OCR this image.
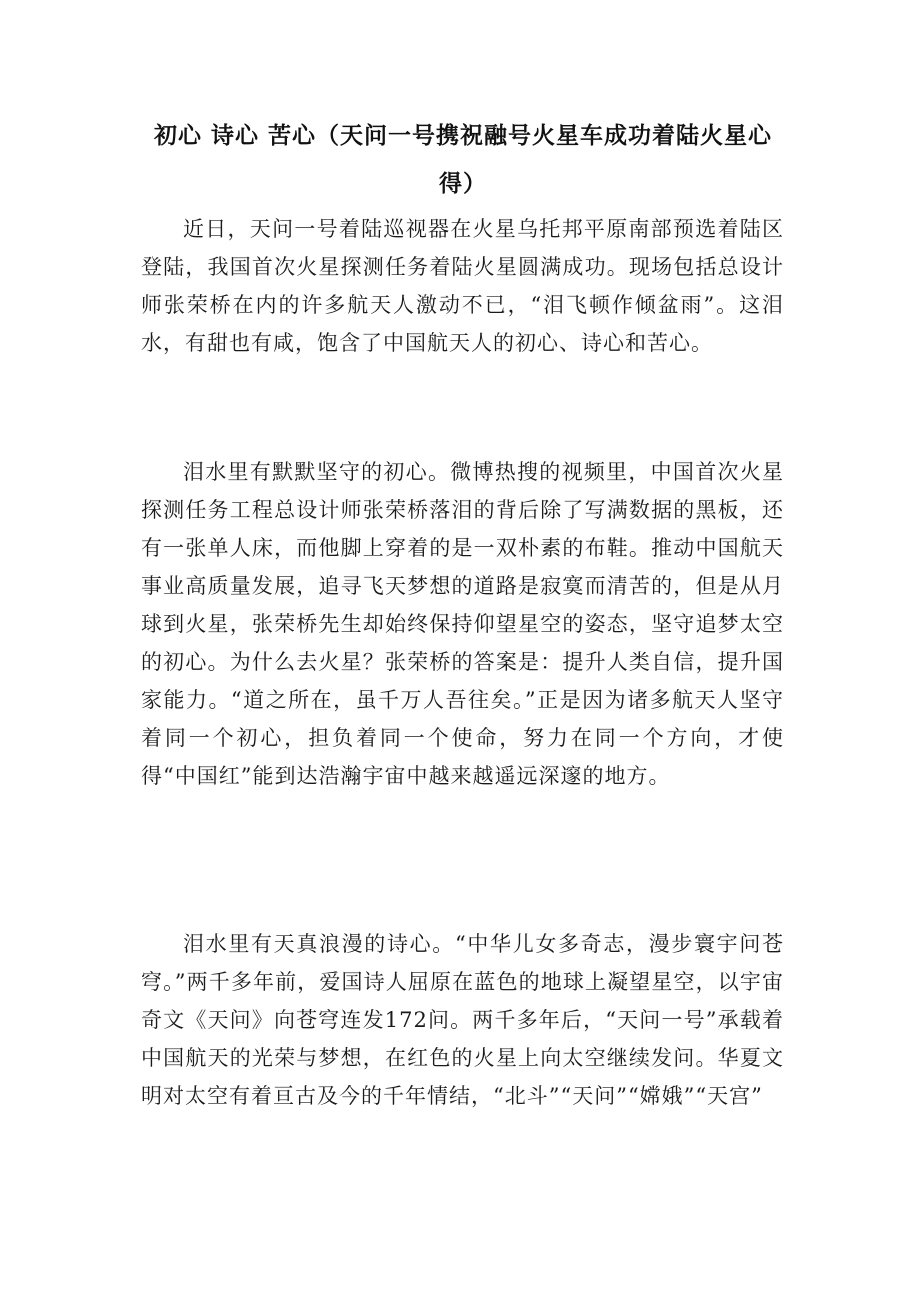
初心 诗心 苦心（天问一号携祝融号火星车成功着陆火星心得）

近日，天问一号着陆巡视器在火星乌托邦平原南部预选着陆区登陆，我国首次火星探测任务着陆火星圆满成功。现场包括总设计师张荣桥在内的许多航天人激动不已，“泪飞顿作倾盆雨”。这泪水，有甜也有咸，饱含了中国航天人的初心、诗心和苦心。

泪水里有默默坚守的初心。微博热搜的视频里，中国首次火星探测任务工程总设计师张荣桥落泪的背后除了写满数据的黑板，还有一张单人床，而他脚上穿着的是一双朴素的布鞋。推动中国航天事业高质量发展，追寻飞天梦想的道路是寂寞而清苦的，但是从月球到火星，张荣桥先生却始终保持仰望星空的姿态，坚守追梦太空的初心。为什么去火星？张荣桥的答案是：提升人类自信，提升国家能力。“道之所在，虽千万人吾往矣。”正是因为诸多航天人坚守着同一个初心，担负着同一个使命，努力在同一个方向，才使得“中国红”能到达浩瀚宇宙中越来越遥远深邃的地方。

泪水里有天真浪漫的诗心。“中华儿女多奇志，漫步寰宇问苍穹。”两千多年前，爱国诗人屈原在蓝色的地球上凝望星空，以宇宙奇文《天问》向苍穹连发172问。两千多年后，“天问一号”承载着中国航天的光荣与梦想，在红色的火星上向太空继续发问。华夏文明对太空有着亘古及今的千年情结，“北斗”“天问”“嫦娥”“天宫”
